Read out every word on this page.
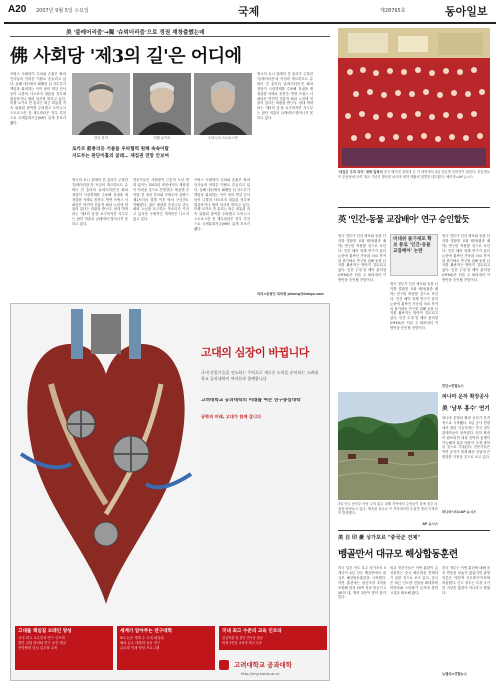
A20 2007년 9월 5일 수요일	국제	제28765호	동아일보
美 '블레어리즘'→獨 '슈뢰더리즘'으로 정권 재창출했는데
佛 사회당 '제3의 길'은 어디에
프랑스 사회당이 우파와 손잡은 좌파 인사들의 잇따른 이탈로 흔들리고 있다. 올해 대선에서 패배한 뒤 지도부가 책임을 회피하는 사이 당의 핵심 인사들이 니콜라 사르코지 대통령 정부에 합류하거나 협력 의사를 밝히고 있다. 미셸 로카르 전 총리는 최근 대통령 직속 위원회 참여를 수락했고 도미니크 스트로스칸 전 재무장관은 정부 추천으로 국제통화기금(IMF) 총재 후보가 됐다.
앙리 자가	미셸 로카르	도미니크 스트로스칸
로카르 前총리등 거물들 우파협력 원해 속속이탈
지도부는 판단미흡의 굴레… 재집권 전망 안보여
영국의 토니 블레어 전 총리가 주창한 '블레어리즘'과 독일의 게르하르트 슈뢰더 전 총리의 '슈뢰더리즘'은 좌파 정당이 시장경제를 수용해 정권을 재창출한 사례로 꼽힌다. 반면 프랑스 사회당은 여전히 전통적 좌파 노선에 머물러 있다는 비판을 받는다. 당내 개혁파는 '제3의 길'을 요구하지만 지도부는 판단 미흡의 굴레에서 벗어나지 못하고 있다.
전문가들은 사회당이 근본적 노선 변화 없이는 2012년 대선에서도 재집권이 어려울 것으로 전망한다. 세골렌 루아얄 전 대선 후보와 프랑수아 올랑드 제1서기의 결별 이후 당의 구심점도 약해졌다. 젊은 세대를 중심으로 중도 좌파 노선을 요구하는 목소리가 커지고 있지만 구체적인 개혁안은 나오지 않고 있다.
프랑스 사회당이 우파와 손잡은 좌파 인사들의 잇따른 이탈로 흔들리고 있다. 올해 대선에서 패배한 뒤 지도부가 책임을 회피하는 사이 당의 핵심 인사들이 니콜라 사르코지 대통령 정부에 합류하거나 협력 의사를 밝히고 있다. 미셸 로카르 전 총리는 최근 대통령 직속 위원회 참여를 수락했고 도미니크 스트로스칸 전 재무장관은 정부 추천으로 국제통화기금(IMF) 총재 후보가 됐다.
영국의 토니 블레어 전 총리가 주창한 '블레어리즘'과 독일의 게르하르트 슈뢰더 전 총리의 '슈뢰더리즘'은 좌파 정당이 시장경제를 수용해 정권을 재창출한 사례로 꼽힌다. 반면 프랑스 사회당은 여전히 전통적 좌파 노선에 머물러 있다는 비판을 받는다. 당내 개혁파는 '제3의 길'을 요구하지만 지도부는 판단 미흡의 굴레에서 벗어나지 못하고 있다.
파리=송평인 특파원 pisong@donga.com
'내일은 우리 차지' 대학 입학식 중국 베이징 칭화대 등 각 대학에서 4일 신입생 입학식이 열렸다. 신입생들이 운동장에 모여 개교 기념식 행사를 치르며 대학 생활의 첫발을 내디뎠다. 베이징=AP 뉴시스
고대의 심장이 바뀝니다
국내 산업기술을 선도하는 주역으로 새로운 도약을 준비하는 고려대학교 공과대학이 여러분과 함께합니다
고려대학교 공과대학의 미래를 여는 연구중심대학
공학의 미래, 고대가 함께 갑니다
고대를 책임질 브레인 양성
국내 최고 교수진과 연구 인프라
첨단 실험 장비와 연구 공간 제공
산학협력 중심 실무형 교육
세계가 알아주는 연구대학
SCI 논문 게재 수 국내 최상위
해외 유수 대학과 공동 연구
글로벌 인재 양성 프로그램
국내 최고 수준의 교육 인프라
신공학관 및 첨단 연구동 완공
학생 1인당 교육비 최고 수준
고려대학교 공과대학
http://eng.korea.ac.kr
英 '인간-동물 교잡배아' 연구 승인할듯
영국 정부가 인간 세포와 동물 난자를 결합한 교잡 배아(잡종 배아) 연구를 허용할 것으로 보인다. 인간 배아 복제 연구가 윤리 논란에 휩싸인 가운데 치료 목적의 줄기세포 연구를 위해 동물 난자를 활용하는 방안이 검토되고 있다. 인간 수정 및 배아 관리청(HFEA)은 다음 주 회의에서 이 방안을 승인할 전망이다.
비대위 줄기세포 확보 통로 '인간-동물 교잡배아' 논란
영국 정부가 인간 세포와 동물 난자를 결합한 교잡 배아(잡종 배아) 연구를 허용할 것으로 보인다. 인간 배아 복제 연구가 윤리 논란에 휩싸인 가운데 치료 목적의 줄기세포 연구를 위해 동물 난자를 활용하는 방안이 검토되고 있다. 인간 수정 및 배아 관리청(HFEA)은 다음 주 회의에서 이 방안을 승인할 전망이다.
영국 정부가 인간 세포와 동물 난자를 결합한 교잡 배아(잡종 배아) 연구를 허용할 것으로 보인다. 인간 배아 복제 연구가 윤리 논란에 휩싸인 가운데 치료 목적의 줄기세포 연구를 위해 동물 난자를 활용하는 방안이 검토되고 있다. 인간 수정 및 배아 관리청(HFEA)은 다음 주 회의에서 이 방안을 승인할 전망이다.
런던=연합뉴스
파나마 운하 확장공사
美 ‘남부 홍수’ 연기
파나마 운하의 확장 공사가 본격적으로 시작됐다. 3일 공사 현장에서 열린 기공식에는 각국 정부 관계자들이 참석했다. 운하 확장이 완료되면 대형 선박의 통행이 가능해져 물류 비용이 크게 줄어들 것으로 기대된다. 전문가들은 이번 공사가 세계 해운 산업에 큰 변화를 가져올 것으로 보고 있다.
파나마시티=AP 뉴시스
3일 인도 동북부 아삼 주의 홍수 피해 지역에서 주민들이 물에 잠긴 마을을 바라보고 있다. 계속된 폭우로 이 지역에서만 수십만 명의 이재민이 발생했다.
AP 뉴시스
美 日 印 豪 싱가포르 "중국군 견제"
벵골만서 대규모 해상합동훈련
미국 일본 인도 호주 싱가포르 5개국이 4일 인도 벵골만에서 대규모 해상합동훈련을 시작했다. 이번 훈련에는 항공모함 3척을 포함해 함정 20여 척과 항공기 150여 대, 병력 2만여 명이 참가한다.
외교 전문가들은 이번 훈련이 급성장하는 중국 해군력을 견제하기 위한 것으로 보고 있다. 중국은 최근 인도양 진출을 확대하며 미얀마와 스리랑카 등지에 항만 시설을 확보해 왔다.
중국 정부는 이번 훈련에 대해 공식 반응을 내놓지 않았지만 관영 언론은 '냉전적 사고방식'이라며 비판했다. 인도 정부는 특정 국가를 겨냥한 훈련이 아니라고 밝혔다.
뉴델리=연합뉴스
